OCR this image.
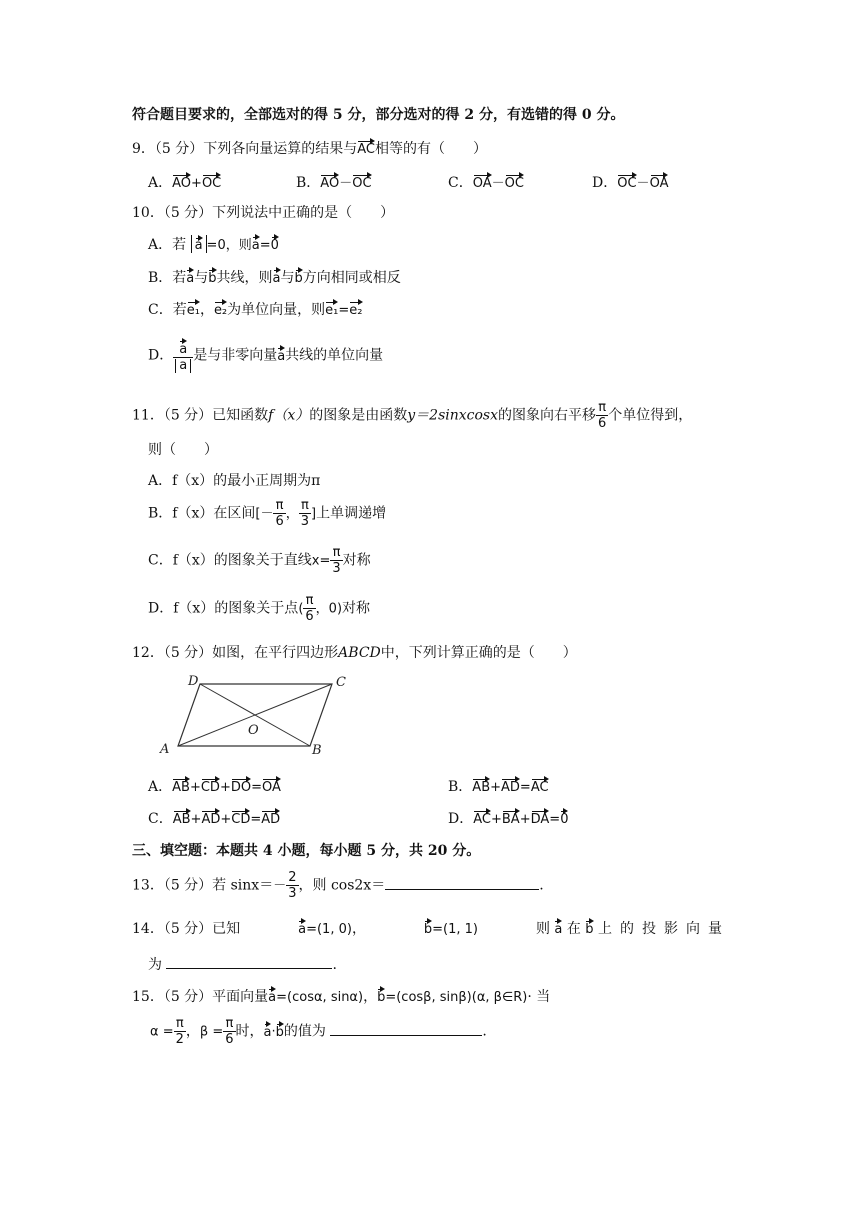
符合题目要求的，全部选对的得 5 分，部分选对的得 2 分，有选错的得 0 分。
9．（5 分）下列各向量运算的结果与AC相等的有（　　）
A．AO+OC	B．AO－OC	C．OA－OC	D．OC－OA
10．（5 分）下列说法中正确的是（　　）
A．若 a =0，则a=0
B．若a与b共线，则a与b方向相同或相反
C．若e₁，e₂为单位向量，则e₁=e₂
D． $\frac{a}{a}$ 是与非零向量a共线的单位向量
11．（5 分）已知函数f（x）的图象是由函数y＝2sinxcosx的图象向右平移 $\frac{\pi}{6}$ 个单位得到，
则（　　）
A．f（x）的最小正周期为π
B．f（x）在区间[－ $\frac{\pi}{6}$ ， $\frac{\pi}{3}$ ]上单调递增
C．f（x）的图象关于直线$x= \frac{\pi}{3}$ 对称
D．f（x）的图象关于点( $\frac{\pi}{6}$ ，0)对称
12．（5 分）如图，在平行四边形ABCD中，下列计算正确的是（　　）
D	C
A	B
O
A．AB+CD+DO=OA	B．AB+AD=AC
C．AB+AD+CD=AD	D．AC+BA+DA=0
三、填空题：本题共 4 小题，每小题 5 分，共 20 分。
13．（5 分）若 $\sin x=- \frac{2}{3}$ ，则 cos2x＝	.
14．（5 分）已知	a=(1, 0)，	b=(1, 1)	则 a 在 b 上的投影向量
为	.
15．（5 分）平面向量a=(cosα, sinα)，b=(cosβ, sinβ)(α, β∈R)· 当
$\alpha = \frac{\pi}{2}$ ，$\beta = \frac{\pi}{6}$ 时，a·b的值为	.
